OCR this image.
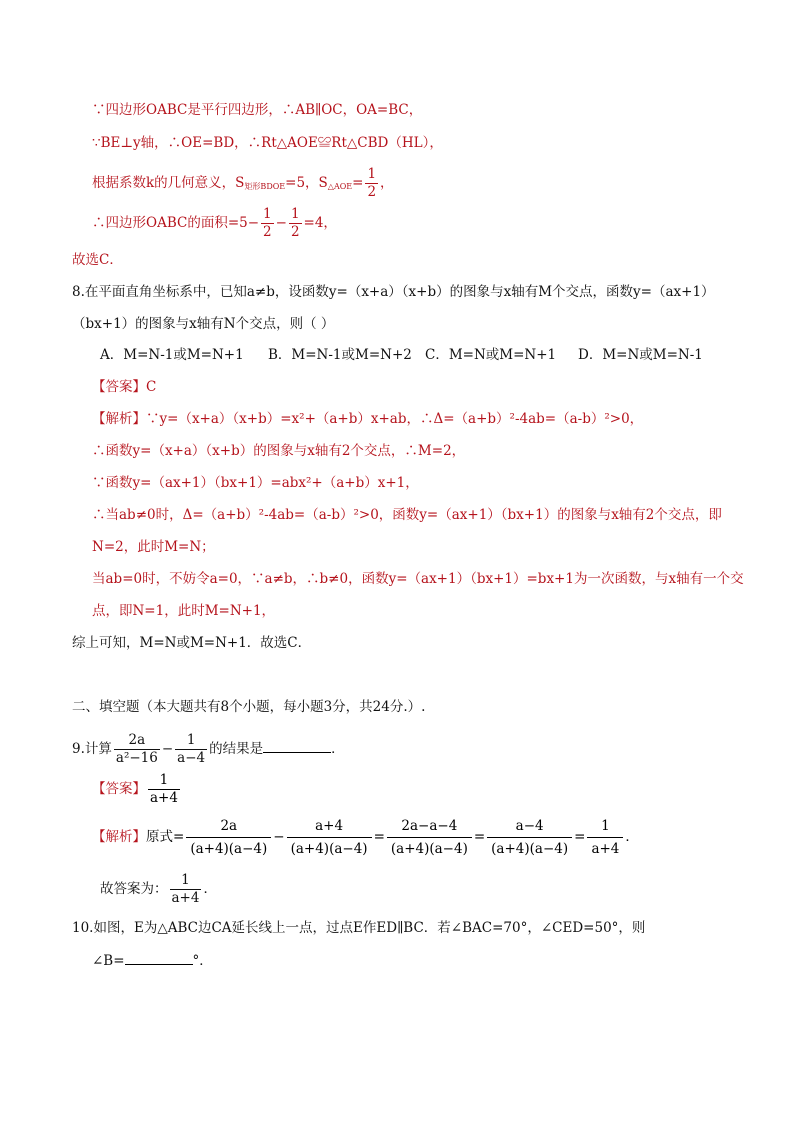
∵四边形OABC是平行四边形，∴AB∥OC，OA=BC，
∵BE⊥y轴，∴OE=BD，∴Rt△AOE≌Rt△CBD（HL），
根据系数k的几何意义，$S_{矩形BDOE}=5$，$S_{\triangle AOE}= \frac{1}{2}$ ，
∴四边形OABC的面积$=5- \frac{1}{2} - \frac{1}{2} =4$，
故选C．
8.在平面直角坐标系中，已知a≠b，设函数y=（x+a）（x+b）的图象与x轴有M个交点，函数y=（ax+1）
（bx+1）的图象与x轴有N个交点，则（ ）
A．M=N-1或M=N+1 B．M=N-1或M=N+2 C．M=N或M=N+1 D．M=N或M=N-1
【答案】C
【解析】∵y=（x+a）（x+b）=x²+（a+b）x+ab，∴Δ=（a+b）²-4ab=（a-b）²>0，
∴函数y=（x+a）（x+b）的图象与x轴有2个交点，∴M=2，
∵函数y=（ax+1）（bx+1）=abx²+（a+b）x+1，
∴当ab≠0时，Δ=（a+b）²-4ab=（a-b）²>0，函数y=（ax+1）（bx+1）的图象与x轴有2个交点，即
N=2，此时M=N；
当ab=0时，不妨令a=0，∵a≠b，∴b≠0，函数y=（ax+1）（bx+1）=bx+1为一次函数，与x轴有一个交
点，即N=1，此时M=N+1，
综上可知，M=N或M=N+1．故选C．
二、填空题（本大题共有8个小题，每小题3分，共24分.）.
9.计算 $\frac{2a}{\text{a²−16}} - \frac{1}{a-4}$ 的结果是	．
【答案】 $\frac{1}{a+4}$
【解析】原式= $\frac{2a}{(a+4)(a-4)} - \frac{a+4}{(a+4)(a-4)} = \frac{2a-a-4}{(a+4)(a-4)} = \frac{a-4}{(a+4)(a-4)} = \frac{1}{a+4}$ ．
故答案为： $\frac{1}{a+4}$ ．
10.如图，E为△ABC边CA延长线上一点，过点E作ED∥BC．若∠BAC=70°，∠CED=50°，则
∠B=	°．
